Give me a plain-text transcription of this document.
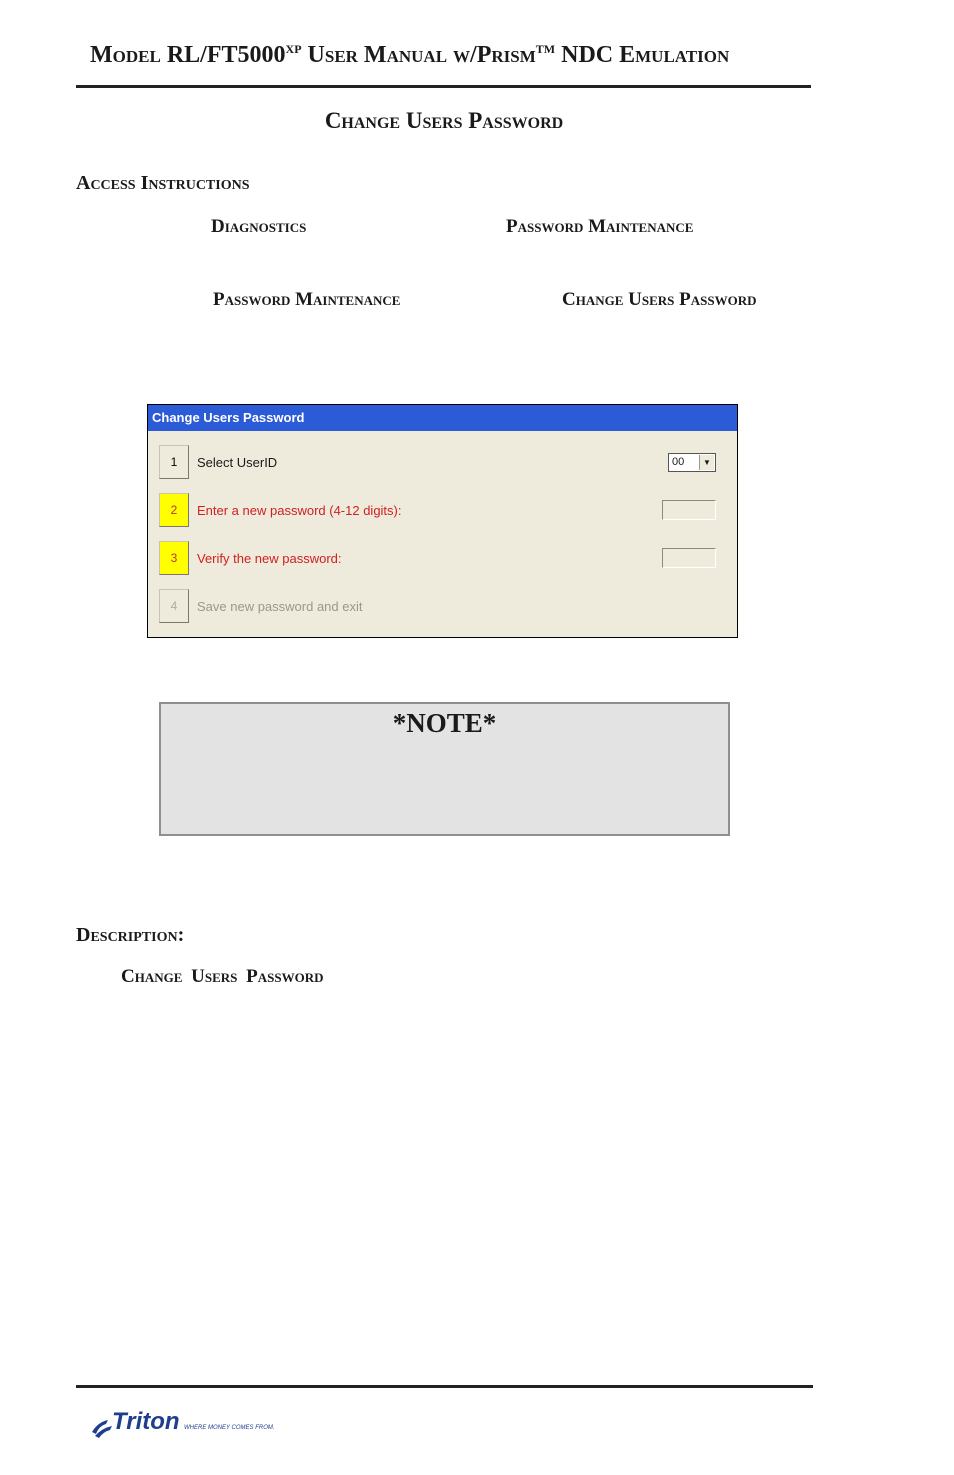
Model $RL/FT5000^{XP}$ User Manual w/Prism™ NDC Emulation
Change Users Password
Access Instructions
Diagnostics	Password Maintenance
Password Maintenance	Change Users Password
Change Users Password
1	Select UserID	00	▼
2	Enter a new password (4-12 digits):
3	Verify the new password:
4	Save new password and exit
*NOTE*
Description:
Change Users Password
Triton WHERE MONEY COMES FROM.
